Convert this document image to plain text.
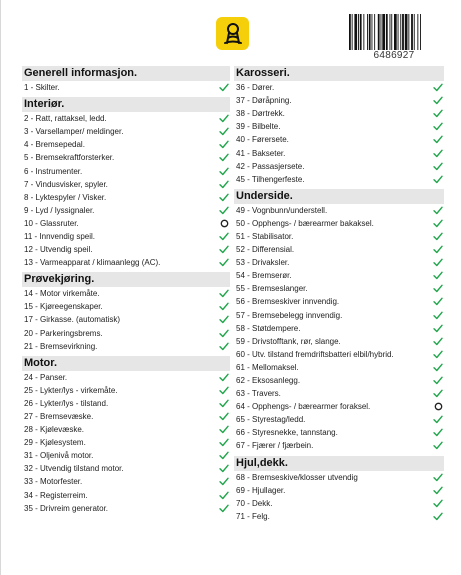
6486927
Generell informasjon.
1 - Skilter.
Interiør.
2 - Ratt, rattaksel, ledd.
3 - Varsellamper/ meldinger.
4 - Bremsepedal.
5 - Bremsekraftforsterker.
6 - Instrumenter.
7 - Vindusvisker, spyler.
8 - Lyktespyler / Visker.
9 - Lyd / lyssignaler.
10 - Glassruter.
11 - Innvendig speil.
12 - Utvendig speil.
13 - Varmeapparat / klimaanlegg (AC).
Prøvekjøring.
14 - Motor virkemåte.
15 - Kjøreegenskaper.
17 - Girkasse. (automatisk)
20 - Parkeringsbrems.
21 - Bremsevirkning.
Motor.
24 - Panser.
25 - Lykter/lys - virkemåte.
26 - Lykter/lys - tilstand.
27 - Bremsevæske.
28 - Kjølevæske.
29 - Kjølesystem.
31 - Oljenivå motor.
32 - Utvendig tilstand motor.
33 - Motorfester.
34 - Registerreim.
35 - Drivreim generator.
Karosseri.
36 - Dører.
37 - Døråpning.
38 - Dørtrekk.
39 - Bilbelte.
40 - Førersete.
41 - Bakseter.
42 - Passasjersete.
45 - Tilhengerfeste.
Underside.
49 - Vognbunn/understell.
50 - Opphengs- / bærearmer bakaksel.
51 - Stabilisator.
52 - Differensial.
53 - Drivaksler.
54 - Bremserør.
55 - Bremseslanger.
56 - Bremseskiver innvendig.
57 - Bremsebelegg innvendig.
58 - Støtdempere.
59 - Drivstofftank, rør, slange.
60 - Utv. tilstand fremdriftsbatteri elbil/hybrid.
61 - Mellomaksel.
62 - Eksosanlegg.
63 - Travers.
64 - Opphengs- / bærearmer foraksel.
65 - Styrestag/ledd.
66 - Styresnekke, tannstang.
67 - Fjærer / fjærbein.
Hjul,dekk.
68 - Bremseskive/klosser utvendig
69 - Hjullager.
70 - Dekk.
71 - Felg.
